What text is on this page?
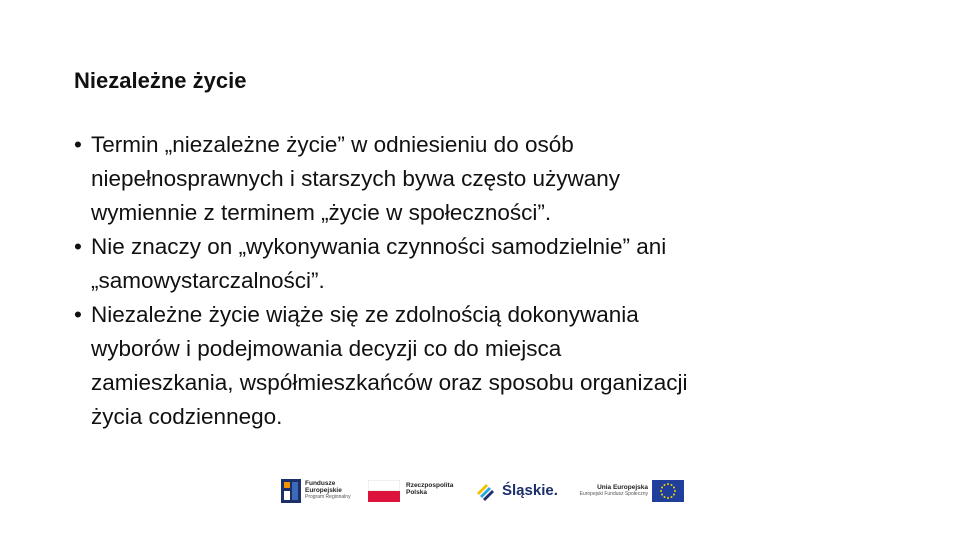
Niezależne życie
• Termin „niezależne życie” w odniesieniu do osób
niepełnosprawnych i starszych bywa często używany
wymiennie z terminem „życie w społeczności”.
• Nie znaczy on „wykonywania czynności samodzielnie” ani
„samowystarczalności”.
• Niezależne życie wiąże się ze zdolnością dokonywania
wyborów i podejmowania decyzji co do miejsca
zamieszkania, współmieszkańców oraz sposobu organizacji
życia codziennego.
Fundusze
Europejskie
Program Regionalny
Rzeczpospolita
Polska	Śląskie.	Unia Europejska
Europejski Fundusz Społeczny
